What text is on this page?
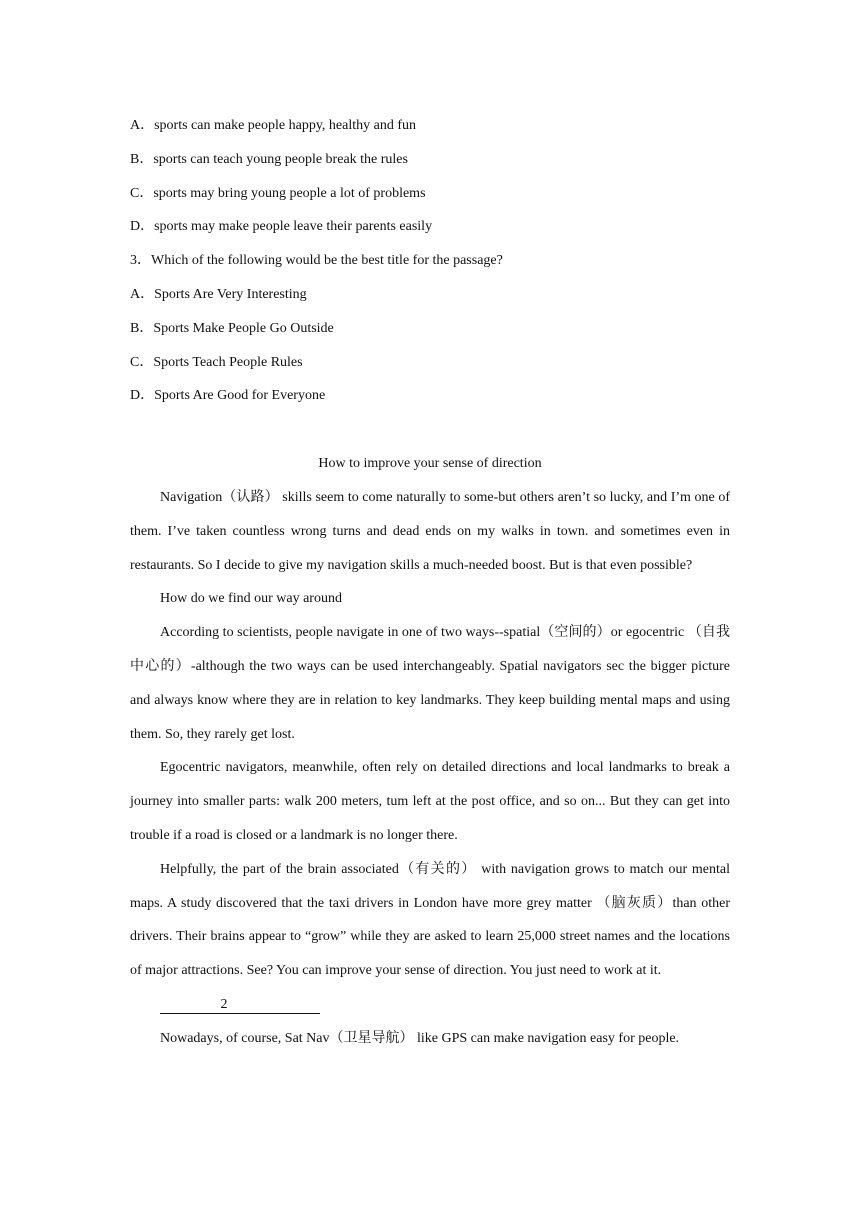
A．sports can make people happy, healthy and fun

B．sports can teach young people break the rules

C．sports may bring young people a lot of problems

D．sports may make people leave their parents easily

3．Which of the following would be the best title for the passage?

A．Sports Are Very Interesting

B．Sports Make People Go Outside

C．Sports Teach People Rules

D．Sports Are Good for Everyone

How to improve your sense of direction

Navigation（认路） skills seem to come naturally to some-but others aren’t so lucky, and I’m one of them. I’ve taken countless wrong turns and dead ends on my walks in town. and sometimes even in restaurants. So I decide to give my navigation skills a much-needed boost. But is that even possible?

How do we find our way around

According to scientists, people navigate in one of two ways--spatial（空间的）or egocentric （自我中心的）-although the two ways can be used interchangeably. Spatial navigators sec the bigger picture and always know where they are in relation to key landmarks. They keep building mental maps and using them. So, they rarely get lost.

Egocentric navigators, meanwhile, often rely on detailed directions and local landmarks to break a journey into smaller parts: walk 200 meters, tum left at the post office, and so on... But they can get into trouble if a road is closed or a landmark is no longer there.

Helpfully, the part of the brain associated（有关的） with navigation grows to match our mental maps. A study discovered that the taxi drivers in London have more grey matter （脑灰质）than other drivers. Their brains appear to “grow” while they are asked to learn 25,000 street names and the locations of major attractions. See? You can improve your sense of direction. You just need to work at it.

2

Nowadays, of course, Sat Nav（卫星导航） like GPS can make navigation easy for people.
